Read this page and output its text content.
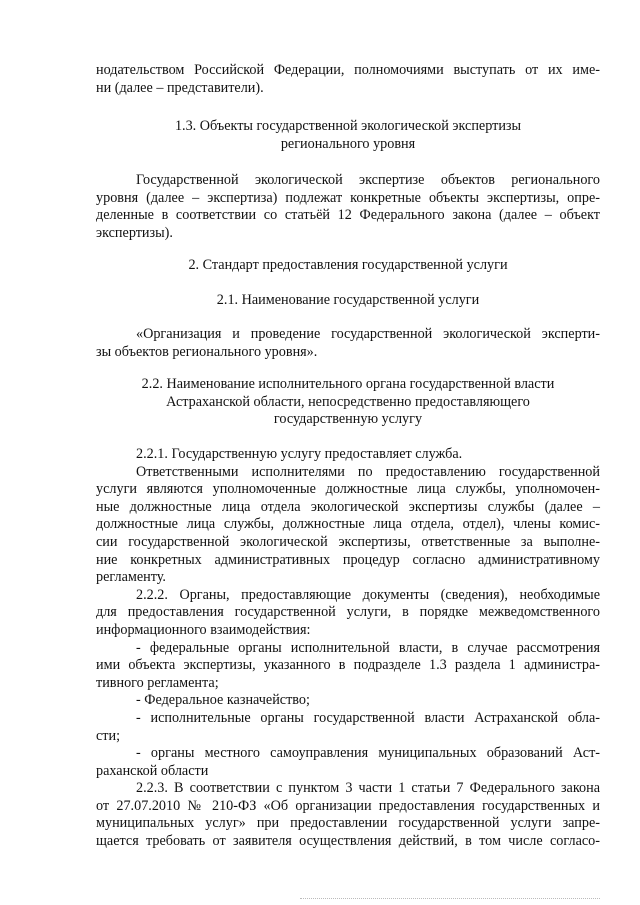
нодательством Российской Федерации, полномочиями выступать от их име-
ни (далее – представители).
1.3. Объекты государственной экологической экспертизы
регионального уровня
Государственной экологической экспертизе объектов регионального
уровня (далее – экспертиза) подлежат конкретные объекты экспертизы, опре-
деленные в соответствии со статьёй 12 Федерального закона (далее – объект
экспертизы).
2. Стандарт предоставления государственной услуги
2.1. Наименование государственной услуги
«Организация и проведение государственной экологической эксперти-
зы объектов регионального уровня».
2.2. Наименование исполнительного органа государственной власти
Астраханской области, непосредственно предоставляющего
государственную услугу
2.2.1. Государственную услугу предоставляет служба.
Ответственными исполнителями по предоставлению государственной
услуги являются уполномоченные должностные лица службы, уполномочен-
ные должностные лица отдела экологической экспертизы службы (далее –
должностные лица службы, должностные лица отдела, отдел), члены комис-
сии государственной экологической экспертизы, ответственные за выполне-
ние конкретных административных процедур согласно административному
регламенту.
2.2.2. Органы, предоставляющие документы (сведения), необходимые
для предоставления государственной услуги, в порядке межведомственного
информационного взаимодействия:
- федеральные органы исполнительной власти, в случае рассмотрения
ими объекта экспертизы, указанного в подразделе 1.3 раздела 1 администра-
тивного регламента;
- Федеральное казначейство;
- исполнительные органы государственной власти Астраханской обла-
сти;
- органы местного самоуправления муниципальных образований Аст-
раханской области
2.2.3. В соответствии с пунктом 3 части 1 статьи 7 Федерального закона
от 27.07.2010 № 210-ФЗ «Об организации предоставления государственных и
муниципальных услуг» при предоставлении государственной услуги запре-
щается требовать от заявителя осуществления действий, в том числе согласо-
